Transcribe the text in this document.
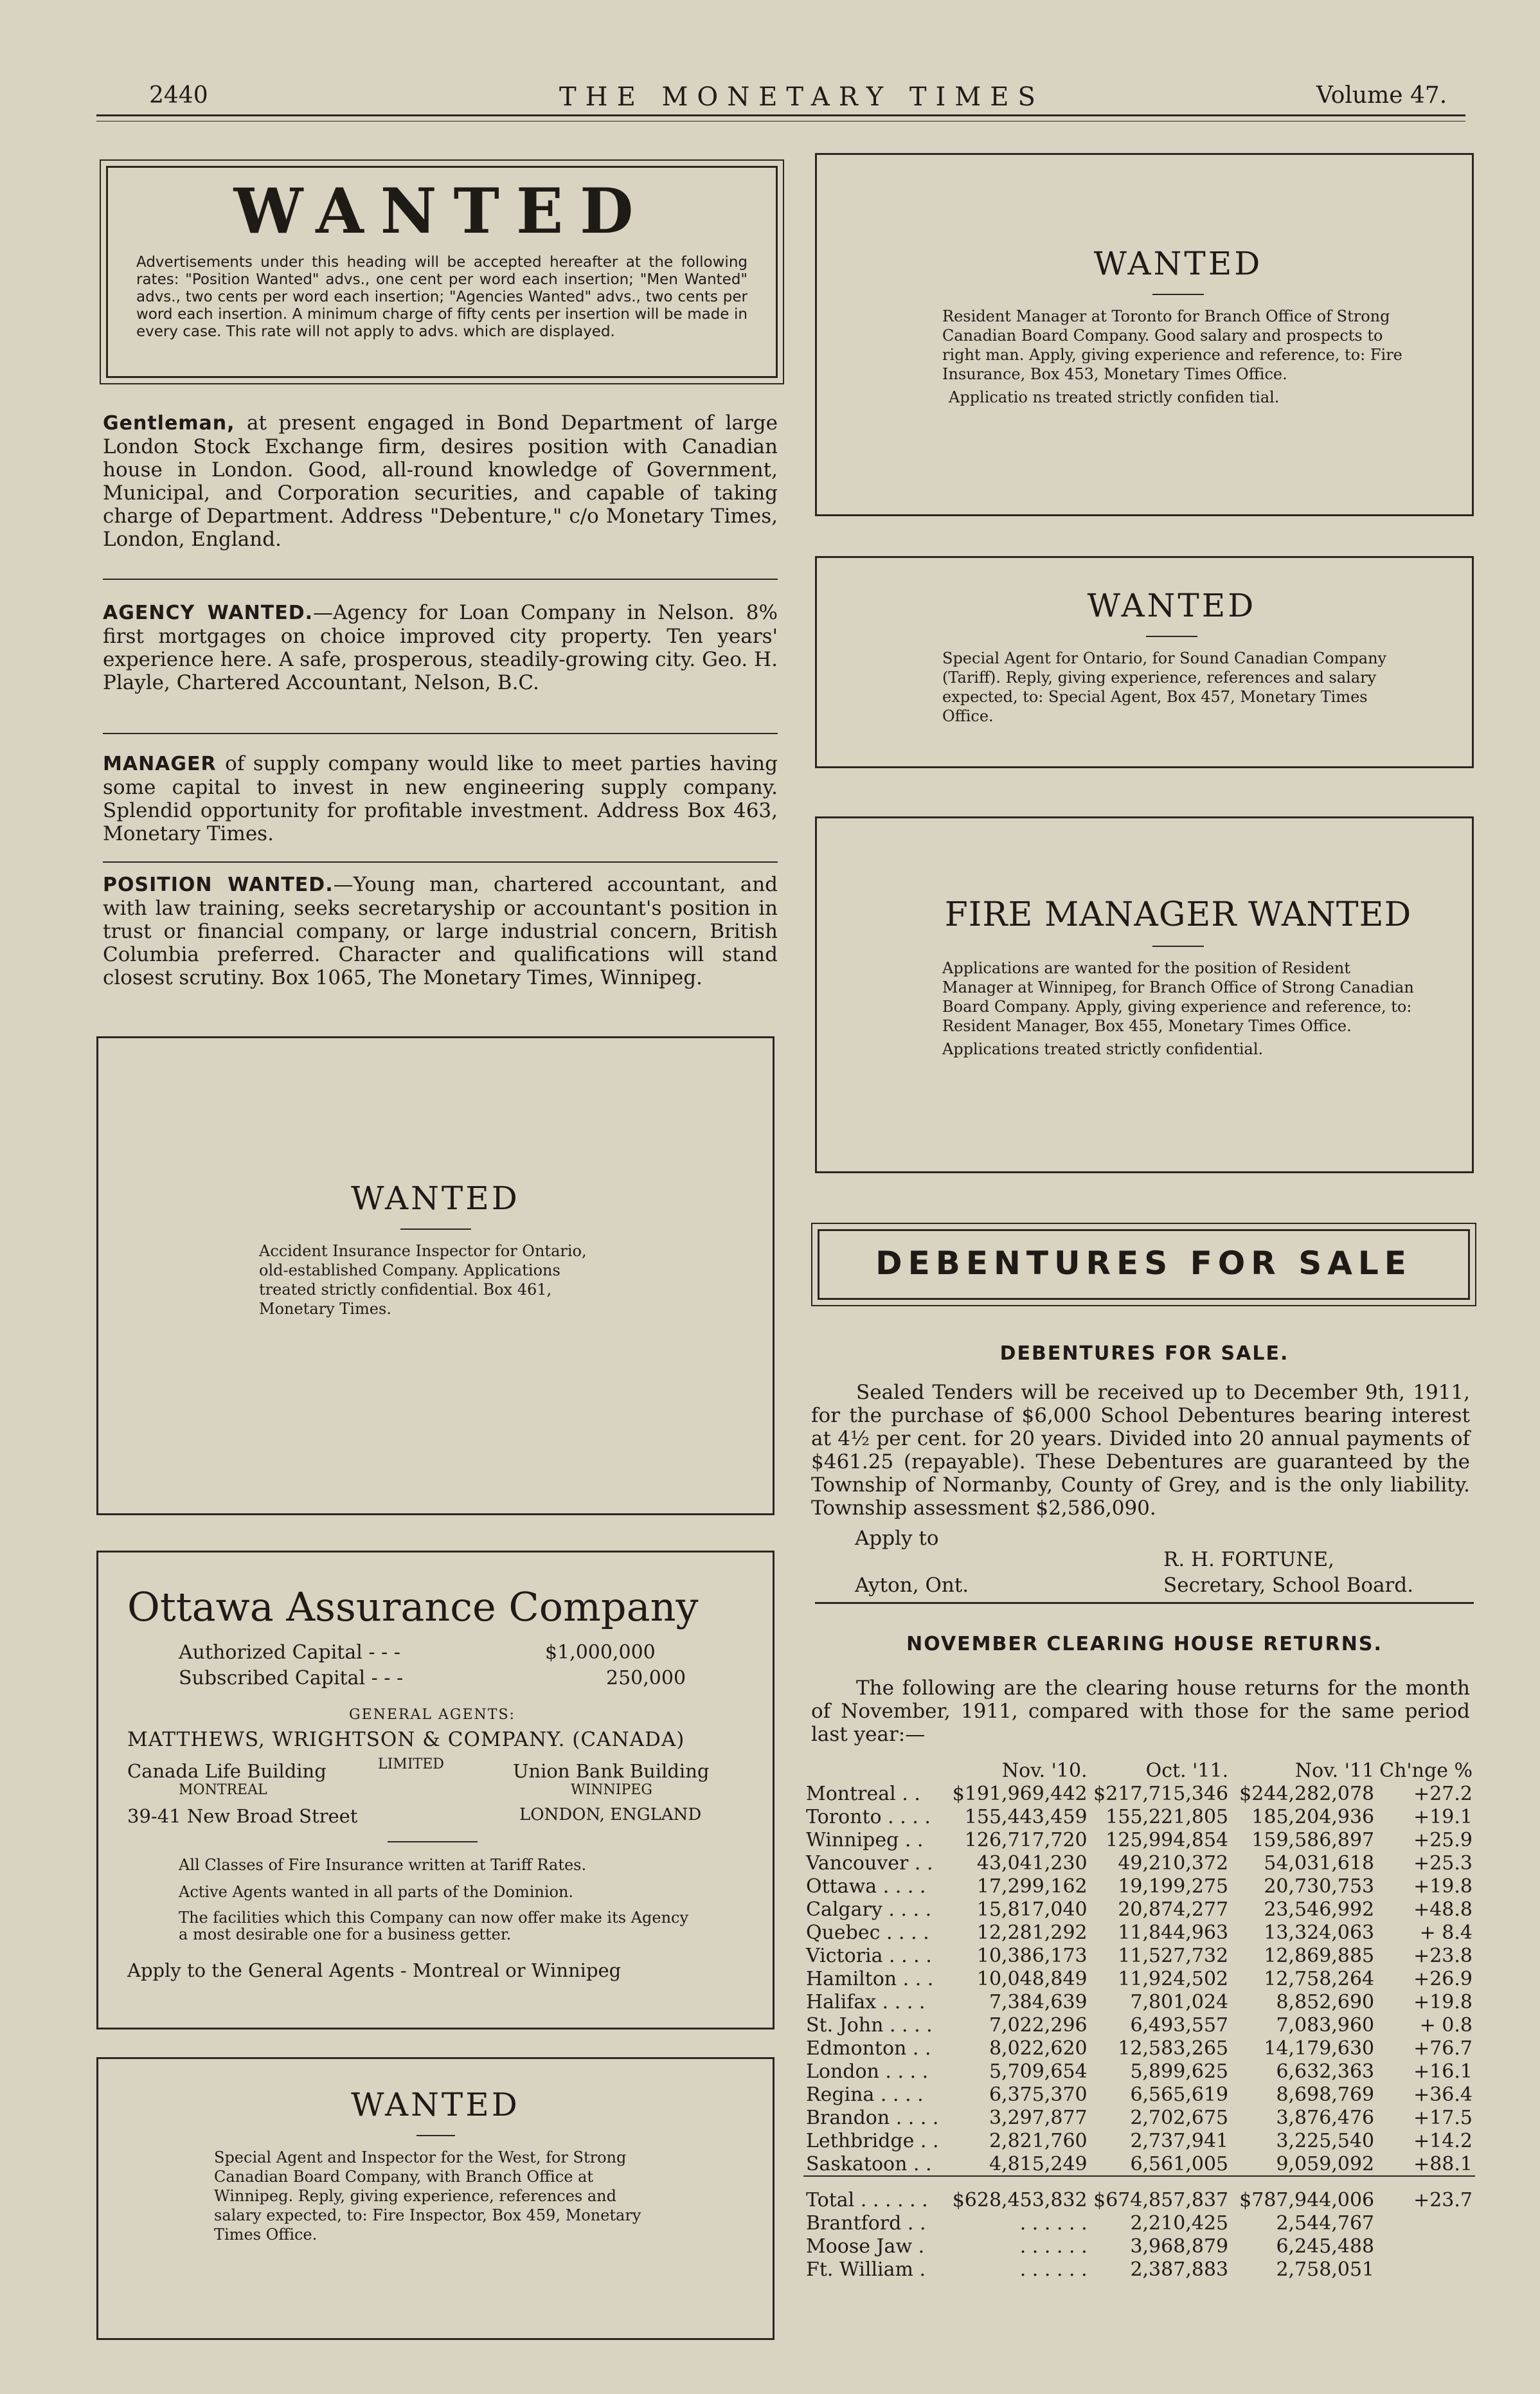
2440	THE MONETARY TIMES	Volume 47.
WANTED
Advertisements under this heading will be accepted hereafter at the following rates: "Position Wanted" advs., one cent per word each insertion; "Men Wanted" advs., two cents per word each insertion; "Agencies Wanted" advs., two cents per word each insertion. A minimum charge of fifty cents per insertion will be made in every case. This rate will not apply to advs. which are displayed.
Gentleman, at present engaged in Bond Department of large London Stock Exchange firm, desires position with Canadian house in London. Good, all-round knowledge of Government, Municipal, and Corporation securities, and capable of taking charge of Department. Address "Debenture," c/o Monetary Times, London, England.
AGENCY WANTED.—Agency for Loan Company in Nelson. 8% first mortgages on choice improved city property. Ten years' experience here. A safe, prosperous, steadily-growing city. Geo. H. Playle, Chartered Accountant, Nelson, B.C.
MANAGER of supply company would like to meet parties having some capital to invest in new engineering supply company. Splendid opportunity for profitable investment. Address Box 463, Monetary Times.
POSITION WANTED.—Young man, chartered accountant, and with law training, seeks secretaryship or accountant's position in trust or financial company, or large industrial concern, British Columbia preferred. Character and qualifications will stand closest scrutiny. Box 1065, The Monetary Times, Winnipeg.
WANTED
Accident Insurance Inspector for Ontario, old-established Company. Applications treated strictly confidential. Box 461, Monetary Times.
Ottawa Assurance Company
Authorized Capital - - -	$1,000,000
Subscribed Capital - - -	250,000
GENERAL AGENTS:
MATTHEWS, WRIGHTSON & COMPANY. (CANADA)
Canada Life Building	LIMITED	Union Bank Building
MONTREAL	WINNIPEG
39-41 New Broad Street	LONDON, ENGLAND
All Classes of Fire Insurance written at Tariff Rates.
Active Agents wanted in all parts of the Dominion.
The facilities which this Company can now offer make its Agency a most desirable one for a business getter.
Apply to the General Agents - Montreal or Winnipeg
WANTED
Special Agent and Inspector for the West, for Strong Canadian Board Company, with Branch Office at Winnipeg. Reply, giving experience, references and salary expected, to: Fire Inspector, Box 459, Monetary Times Office.
WANTED
Resident Manager at Toronto for Branch Office of Strong Canadian Board Company. Good salary and prospects to right man. Apply, giving experience and reference, to: Fire Insurance, Box 453, Monetary Times Office.
Applicatio ns treated strictly confiden tial.
WANTED
Special Agent for Ontario, for Sound Canadian Company (Tariff). Reply, giving experience, references and salary expected, to: Special Agent, Box 457, Monetary Times Office.
FIRE MANAGER WANTED
Applications are wanted for the position of Resident Manager at Winnipeg, for Branch Office of Strong Canadian Board Company. Apply, giving experience and reference, to: Resident Manager, Box 455, Monetary Times Office.
Applications treated strictly confidential.
DEBENTURES FOR SALE
DEBENTURES FOR SALE.
Sealed Tenders will be received up to December 9th, 1911, for the purchase of $6,000 School Debentures bearing interest at 4½ per cent. for 20 years. Divided into 20 annual payments of $461.25 (repayable). These Debentures are guaranteed by the Township of Normanby, County of Grey, and is the only liability. Township assessment $2,586,090.
Apply to
R. H. FORTUNE,
Ayton, Ont.	Secretary, School Board.
NOVEMBER CLEARING HOUSE RETURNS.
The following are the clearing house returns for the month of November, 1911, compared with those for the same period last year:—
	Nov. '10.	Oct. '11.	Nov. '11	Ch'nge %
Montreal . .	$191,969,442	$217,715,346	$244,282,078	+27.2
Toronto . . . .	155,443,459	155,221,805	185,204,936	+19.1
Winnipeg . .	126,717,720	125,994,854	159,586,897	+25.9
Vancouver . .	43,041,230	49,210,372	54,031,618	+25.3
Ottawa . . . .	17,299,162	19,199,275	20,730,753	+19.8
Calgary . . . .	15,817,040	20,874,277	23,546,992	+48.8
Quebec . . . .	12,281,292	11,844,963	13,324,063	+ 8.4
Victoria . . . .	10,386,173	11,527,732	12,869,885	+23.8
Hamilton . . .	10,048,849	11,924,502	12,758,264	+26.9
Halifax . . . .	7,384,639	7,801,024	8,852,690	+19.8
St. John . . . .	7,022,296	6,493,557	7,083,960	+ 0.8
Edmonton . .	8,022,620	12,583,265	14,179,630	+76.7
London . . . .	5,709,654	5,899,625	6,632,363	+16.1
Regina . . . .	6,375,370	6,565,619	8,698,769	+36.4
Brandon . . . .	3,297,877	2,702,675	3,876,476	+17.5
Lethbridge . .	2,821,760	2,737,941	3,225,540	+14.2
Saskatoon . .	4,815,249	6,561,005	9,059,092	+88.1
Total . . . . . .	$628,453,832	$674,857,837	$787,944,006	+23.7
Brantford . .	. . . . . .	2,210,425	2,544,767	
Moose Jaw .	. . . . . .	3,968,879	6,245,488	
Ft. William .	. . . . . .	2,387,883	2,758,051	
